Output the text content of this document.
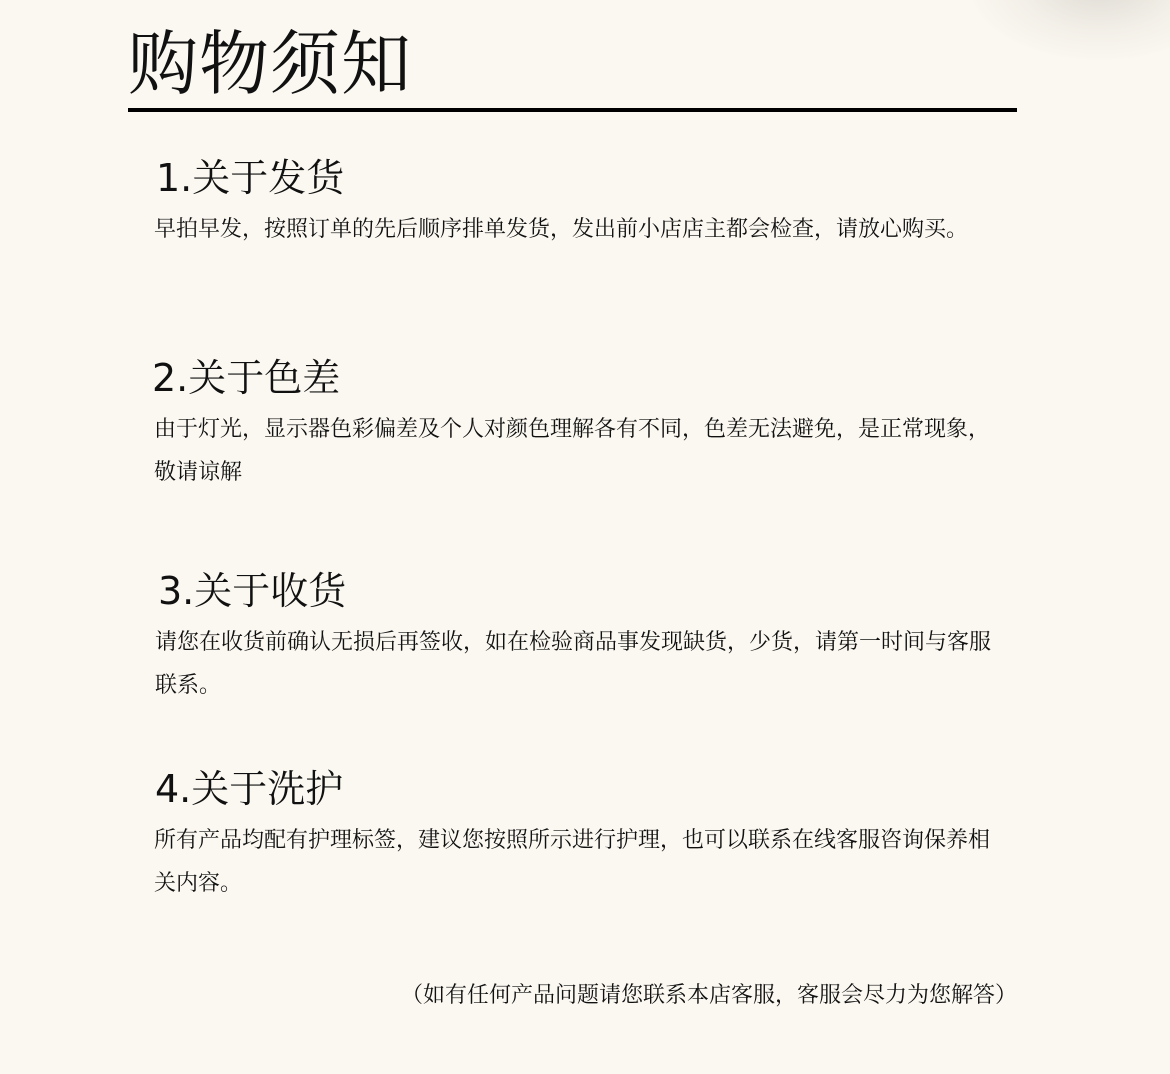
购物须知
1.关于发货

早拍早发，按照订单的先后顺序排单发货，发出前小店店主都会检查，请放心购买。

2.关于色差

由于灯光，显示器色彩偏差及个人对颜色理解各有不同，色差无法避免，是正常现象，敬请谅解

3.关于收货

请您在收货前确认无损后再签收，如在检验商品事发现缺货，少货，请第一时间与客服联系。

4.关于洗护

所有产品均配有护理标签，建议您按照所示进行护理，也可以联系在线客服咨询保养相关内容。

（如有任何产品问题请您联系本店客服，客服会尽力为您解答）
